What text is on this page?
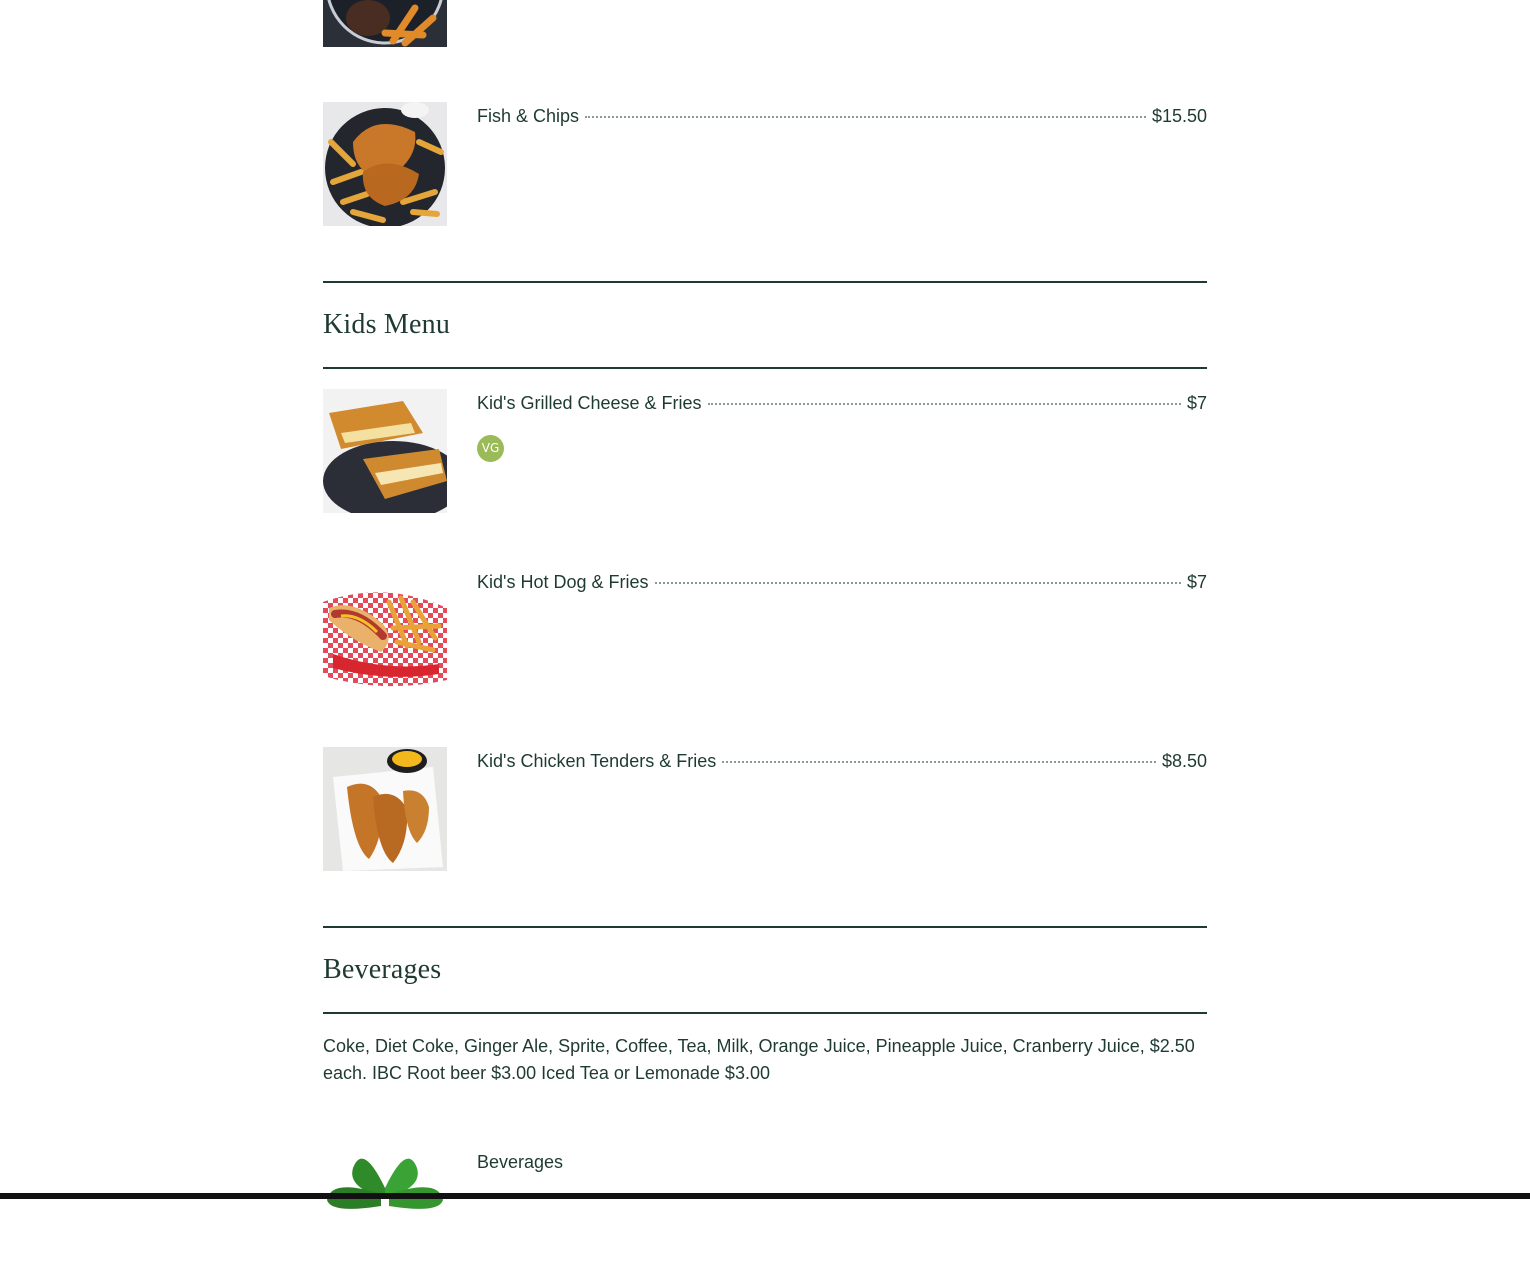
Fish & Chips	$15.50
Kids Menu
Kid's Grilled Cheese & Fries	$7
VG
Kid's Hot Dog & Fries	$7
Kid's Chicken Tenders & Fries	$8.50
Beverages
Coke, Diet Coke, Ginger Ale, Sprite, Coffee, Tea, Milk, Orange Juice, Pineapple Juice, Cranberry Juice, $2.50 each. IBC Root beer $3.00 Iced Tea or Lemonade $3.00
Beverages
